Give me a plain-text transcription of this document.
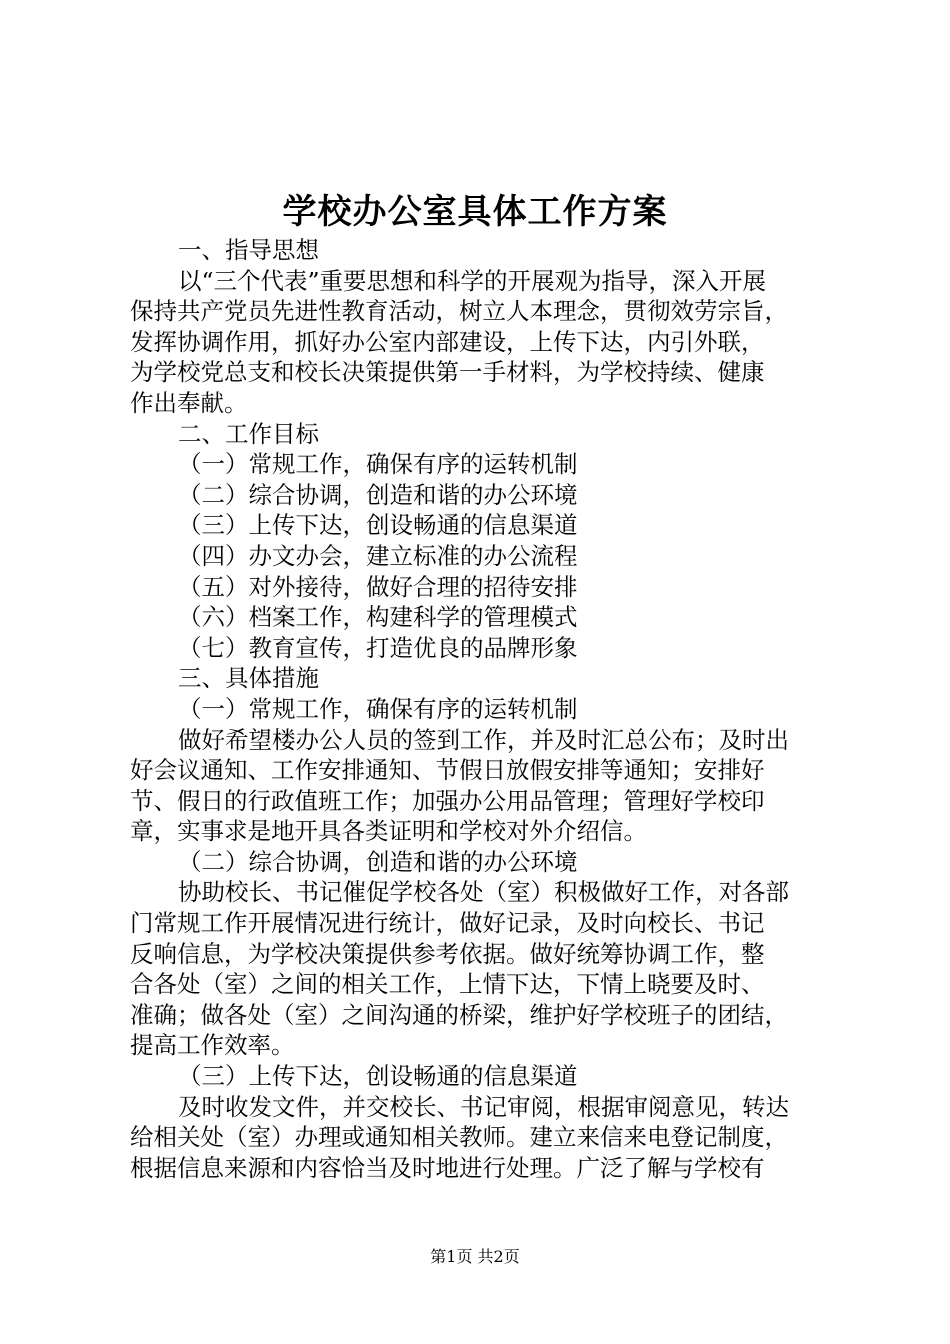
学校办公室具体工作方案
一、指导思想
以“三个代表”重要思想和科学的开展观为指导，深入开展
保持共产党员先进性教育活动，树立人本理念，贯彻效劳宗旨，
发挥协调作用，抓好办公室内部建设，上传下达，内引外联，
为学校党总支和校长决策提供第一手材料，为学校持续、健康
作出奉献。
二、工作目标
（一）常规工作，确保有序的运转机制
（二）综合协调，创造和谐的办公环境
（三）上传下达，创设畅通的信息渠道
（四）办文办会，建立标准的办公流程
（五）对外接待，做好合理的招待安排
（六）档案工作，构建科学的管理模式
（七）教育宣传，打造优良的品牌形象
三、具体措施
（一）常规工作，确保有序的运转机制
做好希望楼办公人员的签到工作，并及时汇总公布；及时出
好会议通知、工作安排通知、节假日放假安排等通知；安排好
节、假日的行政值班工作；加强办公用品管理；管理好学校印
章，实事求是地开具各类证明和学校对外介绍信。
（二）综合协调，创造和谐的办公环境
协助校长、书记催促学校各处（室）积极做好工作，对各部
门常规工作开展情况进行统计，做好记录，及时向校长、书记
反响信息，为学校决策提供参考依据。做好统筹协调工作，整
合各处（室）之间的相关工作，上情下达，下情上晓要及时、
准确；做各处（室）之间沟通的桥梁，维护好学校班子的团结，
提高工作效率。
（三）上传下达，创设畅通的信息渠道
及时收发文件，并交校长、书记审阅，根据审阅意见，转达
给相关处（室）办理或通知相关教师。建立来信来电登记制度，
根据信息来源和内容恰当及时地进行处理。广泛了解与学校有
第1页 共2页
